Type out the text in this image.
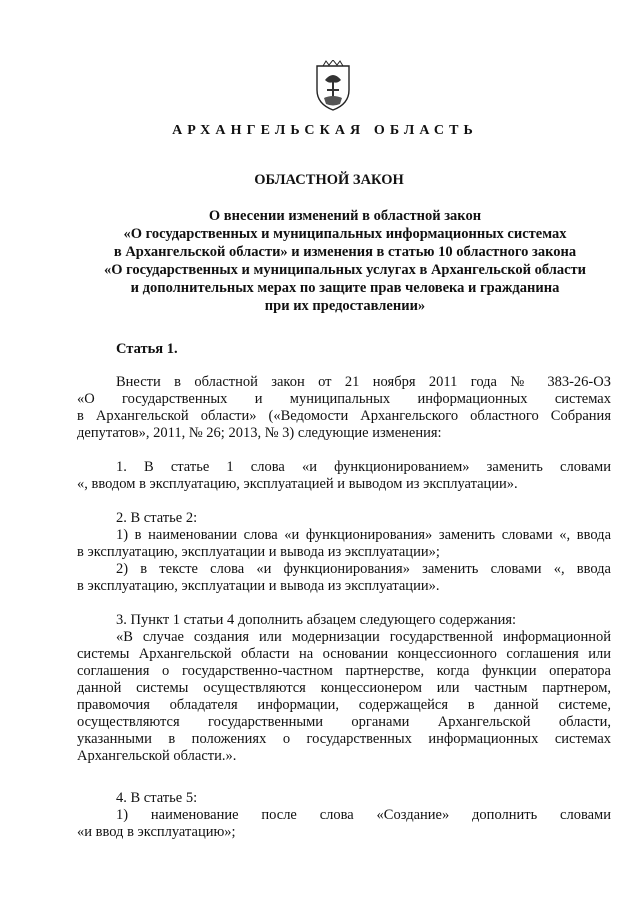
АРХАНГЕЛЬСКАЯ ОБЛАСТЬ
ОБЛАСТНОЙ ЗАКОН
О внесении изменений в областной закон
«О государственных и муниципальных информационных системах
в Архангельской области» и изменения в статью 10 областного закона
«О государственных и муниципальных услугах в Архангельской области
и дополнительных мерах по защите прав человека и гражданина
при их предоставлении»
Статья 1.
Внести в областной закон от 21 ноября 2011 года № 383-26-ОЗ
«О государственных и муниципальных информационных системах
в Архангельской области» («Ведомости Архангельского областного Собрания
депутатов», 2011, № 26; 2013, № 3) следующие изменения:
1. В статье 1 слова «и функционированием» заменить словами
«, вводом в эксплуатацию, эксплуатацией и выводом из эксплуатации».
2. В статье 2:
1) в наименовании слова «и функционирования» заменить словами «, ввода
в эксплуатацию, эксплуатации и вывода из эксплуатации»;
2) в тексте слова «и функционирования» заменить словами «, ввода
в эксплуатацию, эксплуатации и вывода из эксплуатации».
3. Пункт 1 статьи 4 дополнить абзацем следующего содержания:
«В случае создания или модернизации государственной информационной
системы Архангельской области на основании концессионного соглашения или
соглашения о государственно-частном партнерстве, когда функции оператора
данной системы осуществляются концессионером или частным партнером,
правомочия обладателя информации, содержащейся в данной системе,
осуществляются государственными органами Архангельской области,
указанными в положениях о государственных информационных системах
Архангельской области.».
4. В статье 5:
1) наименование после слова «Создание» дополнить словами
«и ввод в эксплуатацию»;
